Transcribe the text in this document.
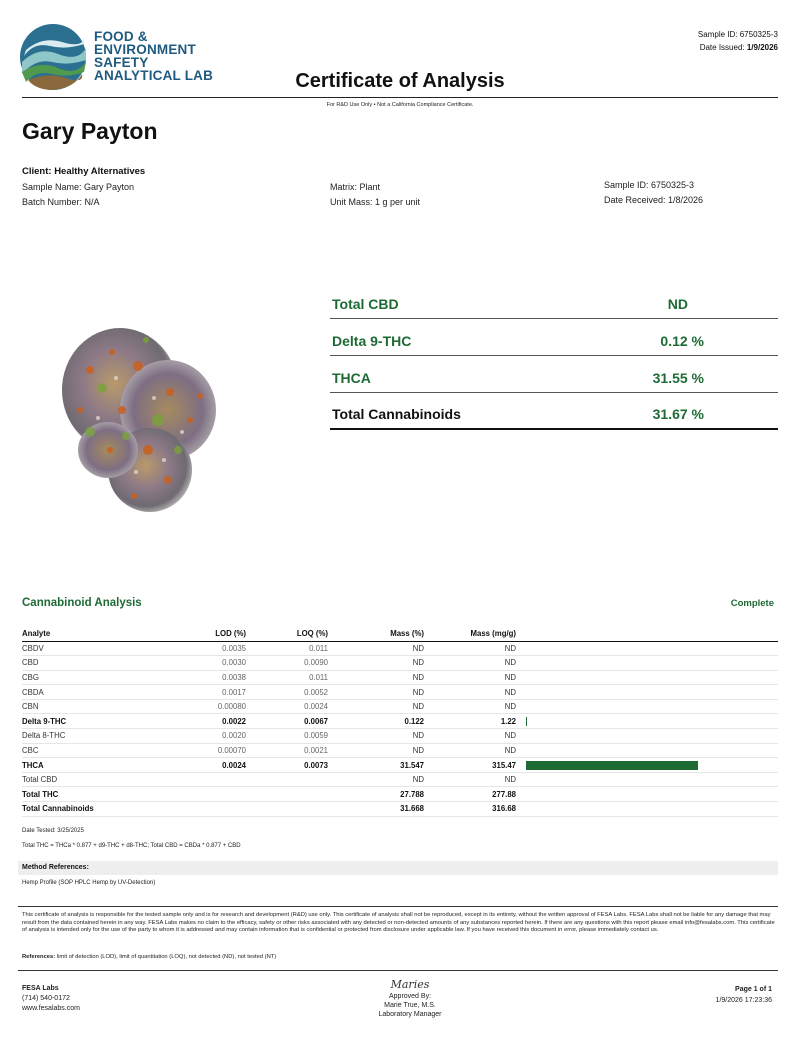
FOOD &
ENVIRONMENT
SAFETY
ANALYTICAL LAB
Sample ID: 6750325-3
Date Issued: 1/9/2026
Certificate of Analysis
For R&D Use Only • Not a California Compliance Certificate.
Gary Payton
Client: Healthy Alternatives
Sample Name: Gary Payton
Batch Number: N/A
Matrix: Plant
Unit Mass: 1 g per unit
Sample ID: 6750325-3
Date Received: 1/8/2026
Total CBD	ND
Delta 9-THC	0.12 %
THCA	31.55 %
Total Cannabinoids	31.67 %
Cannabinoid Analysis	Complete
Analyte	LOD (%)	LOQ (%)	Mass (%)	Mass (mg/g)	
CBDV	0.0035	0.011	ND	ND	
CBD	0.0030	0.0090	ND	ND	
CBG	0.0038	0.011	ND	ND	
CBDA	0.0017	0.0052	ND	ND	
CBN	0.00080	0.0024	ND	ND	
Delta 9-THC	0.0022	0.0067	0.122	1.22	

Delta 8-THC	0.0020	0.0059	ND	ND	
CBC	0.00070	0.0021	ND	ND	
THCA	0.0024	0.0073	31.547	315.47	

Total CBD			ND	ND	
Total THC			27.788	277.88	
Total Cannabinoids			31.668	316.68	
Date Tested: 3/25/2025
Total THC = THCa * 0.877 + d9-THC + d8-THC; Total CBD = CBDa * 0.877 + CBD
Method References:
Hemp Profile (SOP HPLC Hemp by UV-Detection)
This certificate of analysis is responsible for the tested sample only and is for research and development (R&D) use only. This certificate of analysis shall not be reproduced, except in its entirety, without the written approval of FESA Labs. FESA Labs shall not be liable for any damage that may result from the data contained herein in any way. FESA Labs makes no claim to the efficacy, safety or other risks associated with any detected or non-detected amounts of any substances reported herein. If there are any questions with this report please email info@fesalabs.com. This certificate of analysis is intended only for the use of the party to whom it is addressed and may contain information that is confidential or protected from disclosure under applicable law. If you have received this document in error, please immediately contact us.
References: limit of detection (LOD), limit of quantitation (LOQ), not detected (ND), not tested (NT)
FESA Labs
(714) 540-0172
www.fesalabs.com
Maries
Approved By:
Marie True, M.S.
Laboratory Manager
Page 1 of 1
1/9/2026 17:23:36
